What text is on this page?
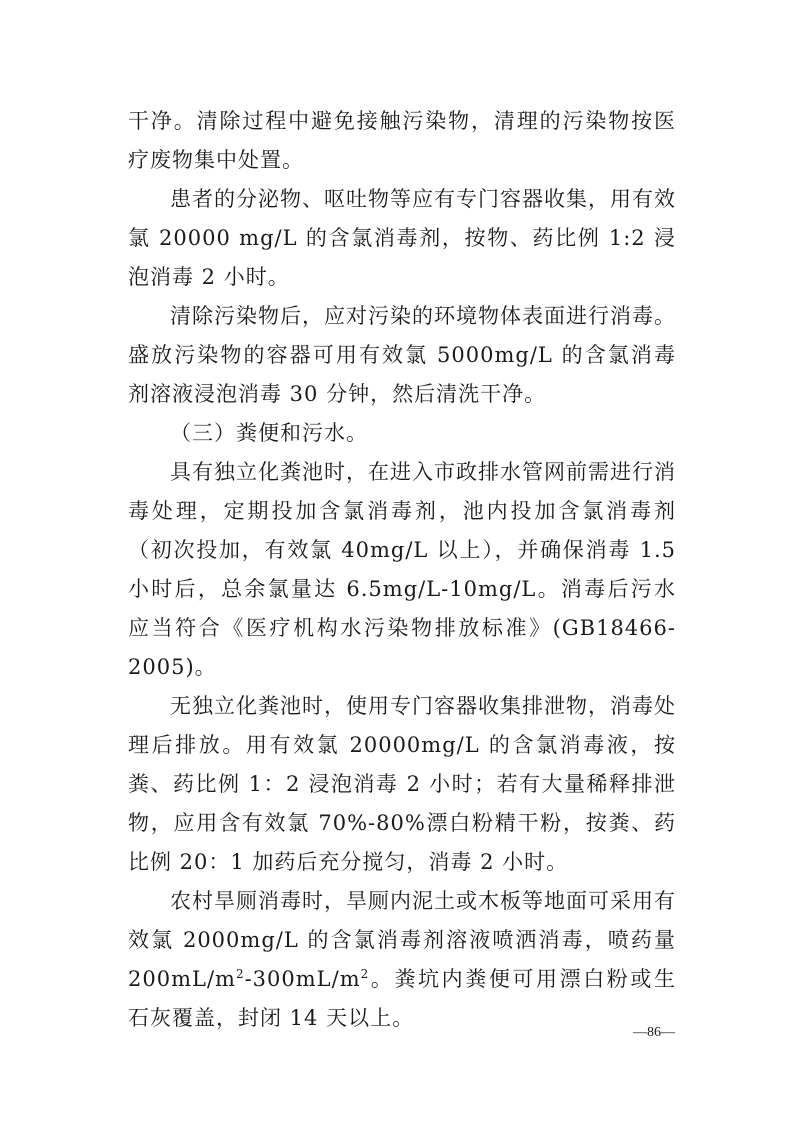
干净。清除过程中避免接触污染物，清理的污染物按医疗废物集中处置。

患者的分泌物、呕吐物等应有专门容器收集，用有效氯 20000 mg/L 的含氯消毒剂，按物、药比例 1:2 浸泡消毒 2 小时。

清除污染物后，应对污染的环境物体表面进行消毒。盛放污染物的容器可用有效氯 5000mg/L 的含氯消毒剂溶液浸泡消毒 30 分钟，然后清洗干净。

（三）粪便和污水。

具有独立化粪池时，在进入市政排水管网前需进行消毒处理，定期投加含氯消毒剂，池内投加含氯消毒剂（初次投加，有效氯 40mg/L 以上），并确保消毒 1.5 小时后，总余氯量达 6.5mg/L-10mg/L。消毒后污水应当符合《医疗机构水污染物排放标准》(GB18466-2005)。

无独立化粪池时，使用专门容器收集排泄物，消毒处理后排放。用有效氯 20000mg/L 的含氯消毒液，按粪、药比例 1：2 浸泡消毒 2 小时；若有大量稀释排泄物，应用含有效氯 70%-80%漂白粉精干粉，按粪、药比例 20：1 加药后充分搅匀，消毒 2 小时。

农村旱厕消毒时，旱厕内泥土或木板等地面可采用有效氯 2000mg/L 的含氯消毒剂溶液喷洒消毒，喷药量 $200mL/m^2-300mL/m^2$。粪坑内粪便可用漂白粉或生石灰覆盖，封闭 14 天以上。

—86—
